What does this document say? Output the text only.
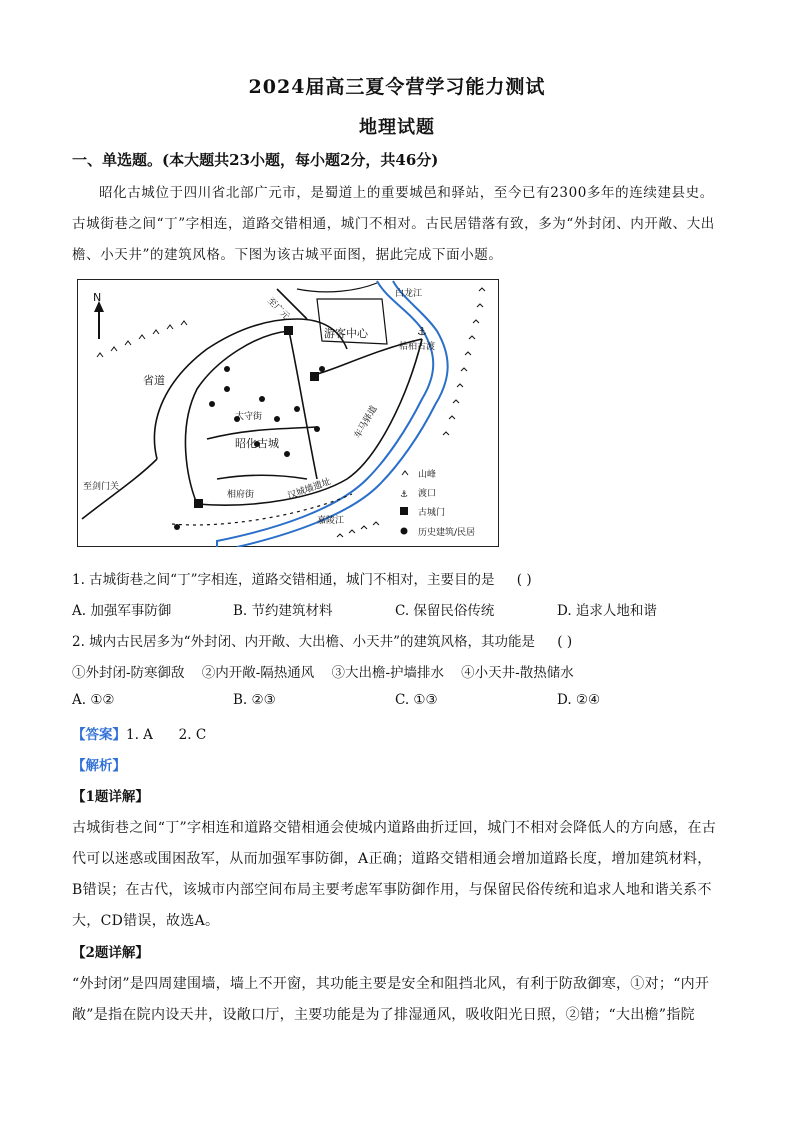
2024届高三夏令营学习能力测试
地理试题
一、单选题。(本大题共23小题，每小题2分，共46分)
昭化古城位于四川省北部广元市，是蜀道上的重要城邑和驿站，至今已有2300多年的连续建县史。古城街巷之间“丁”字相连，道路交错相通，城门不相对。古民居错落有致，多为“外封闭、内开敞、大出檐、小天井”的建筑风格。下图为该古城平面图，据此完成下面小题。
N
⚓
白龙江
至广元
游客中心
桔柏古渡
省道
太守街
昭化古城
车马驿道
至剑门关
相府街	汉城墙遗址
嘉陵江
山峰
⚓ 渡口
古城门
历史建筑/民居
1. 古城街巷之间“丁”字相连，道路交错相通，城门不相对，主要目的是 ( )
A. 加强军事防御	B. 节约建筑材料	C. 保留民俗传统	D. 追求人地和谐
2. 城内古民居多为“外封闭、内开敞、大出檐、小天井”的建筑风格，其功能是 ( )
①外封闭-防寒御敌    ②内开敞-隔热通风    ③大出檐-护墙排水    ④小天井-散热储水
A. ①②	B. ②③	C. ①③	D. ②④
【答案】1. A      2. C
【解析】
【1题详解】
古城街巷之间“丁”字相连和道路交错相通会使城内道路曲折迂回，城门不相对会降低人的方向感，在古代可以迷惑或围困敌军，从而加强军事防御，A正确；道路交错相通会增加道路长度，增加建筑材料，B错误；在古代，该城市内部空间布局主要考虑军事防御作用，与保留民俗传统和追求人地和谐关系不大，CD错误，故选A。
【2题详解】
“外封闭”是四周建围墙，墙上不开窗，其功能主要是安全和阻挡北风，有利于防敌御寒，①对；“内开敞”是指在院内设天井，设敞口厅，主要功能是为了排湿通风，吸收阳光日照，②错；“大出檐”指院
